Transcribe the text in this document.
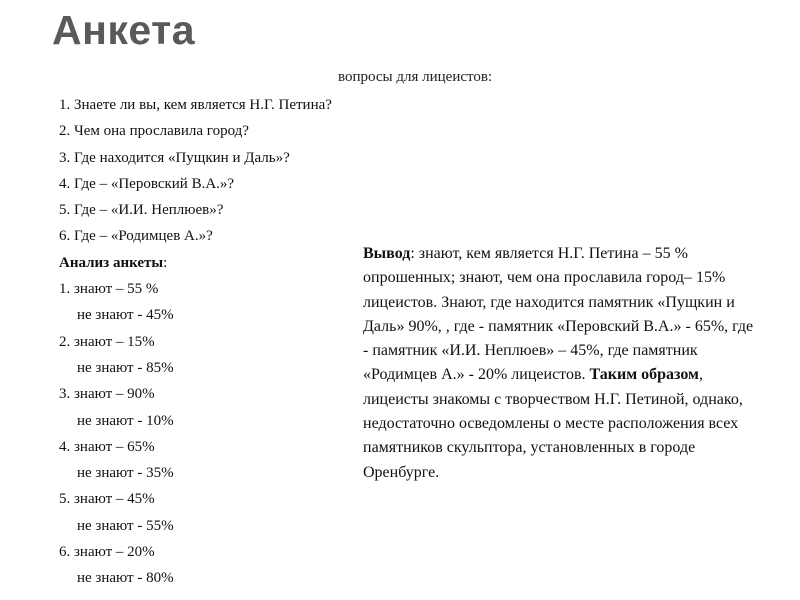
Анкета
вопросы для лицеистов:
1. Знаете ли вы, кем является Н.Г. Петина?
2. Чем она прославила город?
3. Где находится «Пущкин и Даль»?
4. Где – «Перовский В.А.»?
5. Где – «И.И. Неплюев»?
6. Где – «Родимцев А.»?
Анализ анкеты:
1. знают – 55 %
не знают - 45%
2. знают – 15%
не знают - 85%
3. знают – 90%
не знают - 10%
4. знают – 65%
не знают - 35%
5. знают – 45%
не знают - 55%
6. знают – 20%
не знают - 80%
Вывод: знают, кем является Н.Г. Петина – 55 % опрошенных; знают, чем она прославила город– 15% лицеистов. Знают, где находится памятник «Пущкин и Даль» 90%, , где - памятник «Перовский В.А.» - 65%, где - памятник «И.И. Неплюев» – 45%, где памятник «Родимцев А.» - 20% лицеистов. Таким образом, лицеисты знакомы с творчеством Н.Г. Петиной, однако, недостаточно осведомлены о месте расположения всех памятников скульптора, установленных в городе Оренбурге.
